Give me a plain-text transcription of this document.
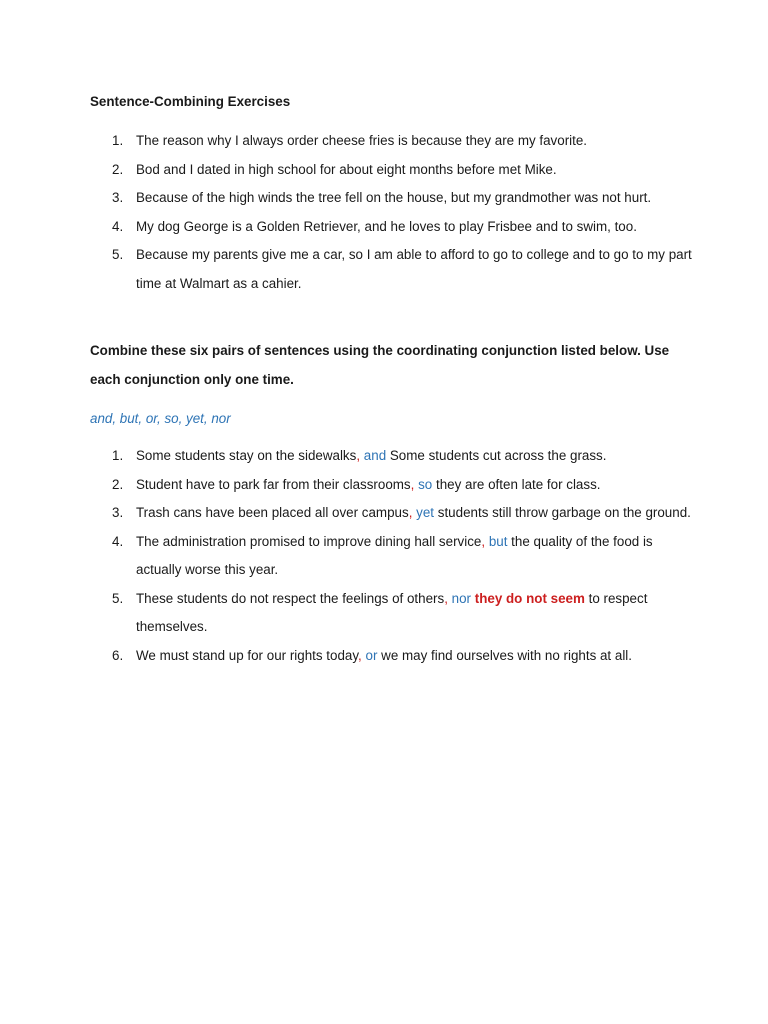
Sentence-Combining Exercises
1. The reason why I always order cheese fries is because they are my favorite.
2. Bod and I dated in high school for about eight months before met Mike.
3. Because of the high winds the tree fell on the house, but my grandmother was not hurt.
4. My dog George is a Golden Retriever, and he loves to play Frisbee and to swim, too.
5. Because my parents give me a car, so I am able to afford to go to college and to go to my part time at Walmart as a cahier.
Combine these six pairs of sentences using the coordinating conjunction listed below. Use each conjunction only one time.
and, but, or, so, yet, nor
1. Some students stay on the sidewalks, and Some students cut across the grass.
2. Student have to park far from their classrooms, so they are often late for class.
3. Trash cans have been placed all over campus, yet students still throw garbage on the ground.
4. The administration promised to improve dining hall service, but the quality of the food is actually worse this year.
5. These students do not respect the feelings of others, nor they do not seem to respect themselves.
6. We must stand up for our rights today, or we may find ourselves with no rights at all.
